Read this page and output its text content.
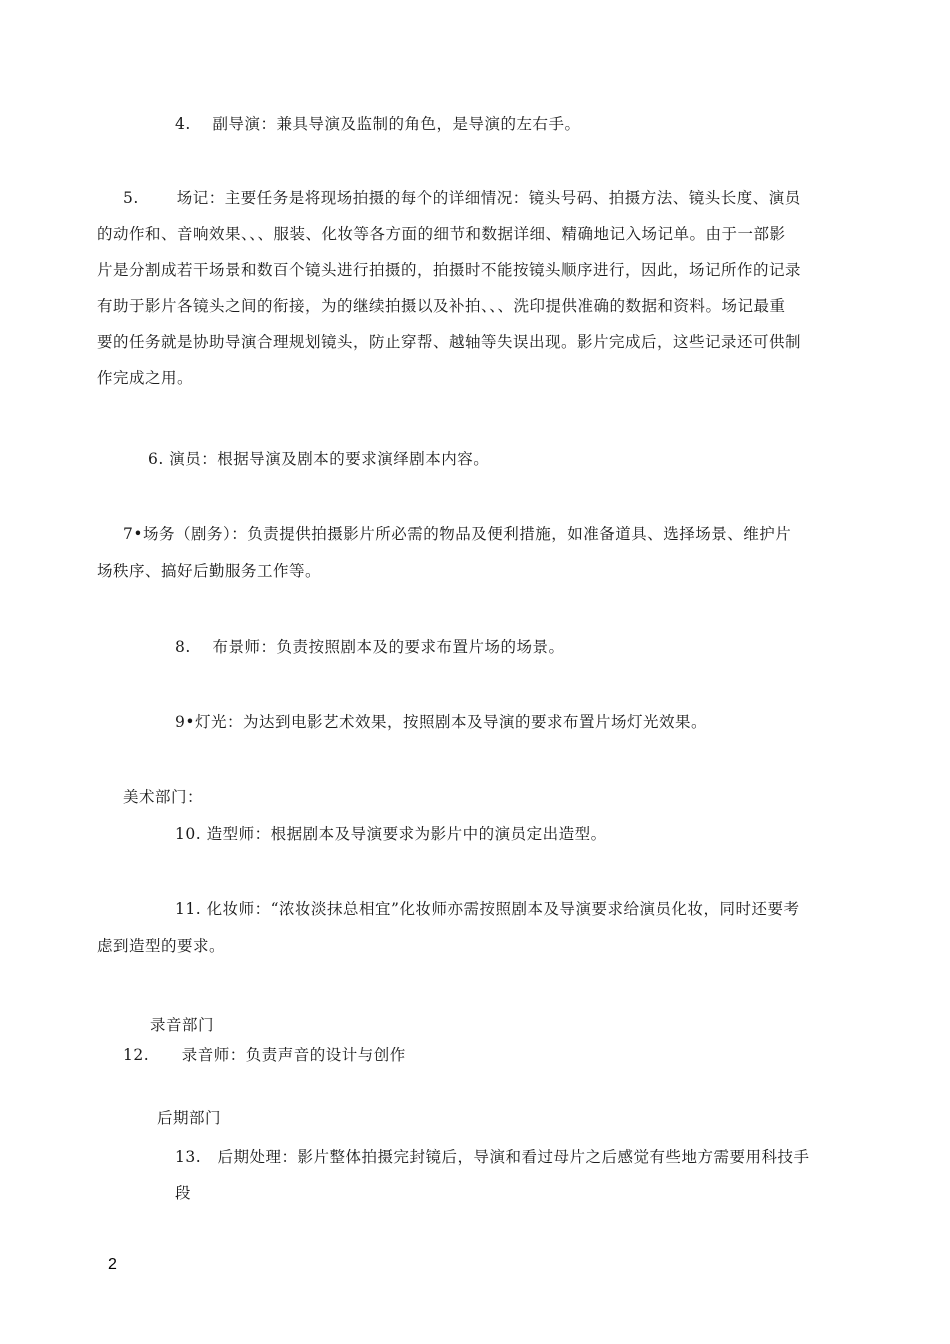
4. 副导演：兼具导演及监制的角色，是导演的左右手。
5. 场记：主要任务是将现场拍摄的每个的详细情况：镜头号码、拍摄方法、镜头长度、演员
的动作和、音响效果、、、服装、化妆等各方面的细节和数据详细、精确地记入场记单。由于一部影
片是分割成若干场景和数百个镜头进行拍摄的，拍摄时不能按镜头顺序进行，因此，场记所作的记录
有助于影片各镜头之间的衔接，为的继续拍摄以及补拍、、、洗印提供准确的数据和资料。场记最重
要的任务就是协助导演合理规划镜头，防止穿帮、越轴等失误出现。影片完成后，这些记录还可供制
作完成之用。
6. 演员：根据导演及剧本的要求演绎剧本内容。
7•场务（剧务）：负责提供拍摄影片所必需的物品及便利措施，如准备道具、选择场景、维护片
场秩序、搞好后勤服务工作等。
8. 布景师：负责按照剧本及的要求布置片场的场景。
9•灯光：为达到电影艺术效果，按照剧本及导演的要求布置片场灯光效果。
美术部门：
10. 造型师：根据剧本及导演要求为影片中的演员定出造型。
11. 化妆师：“浓妆淡抹总相宜”化妆师亦需按照剧本及导演要求给演员化妆，同时还要考
虑到造型的要求。
录音部门
12. 录音师：负责声音的设计与创作
后期部门
13. 后期处理：影片整体拍摄完封镜后，导演和看过母片之后感觉有些地方需要用科技手
段
2
